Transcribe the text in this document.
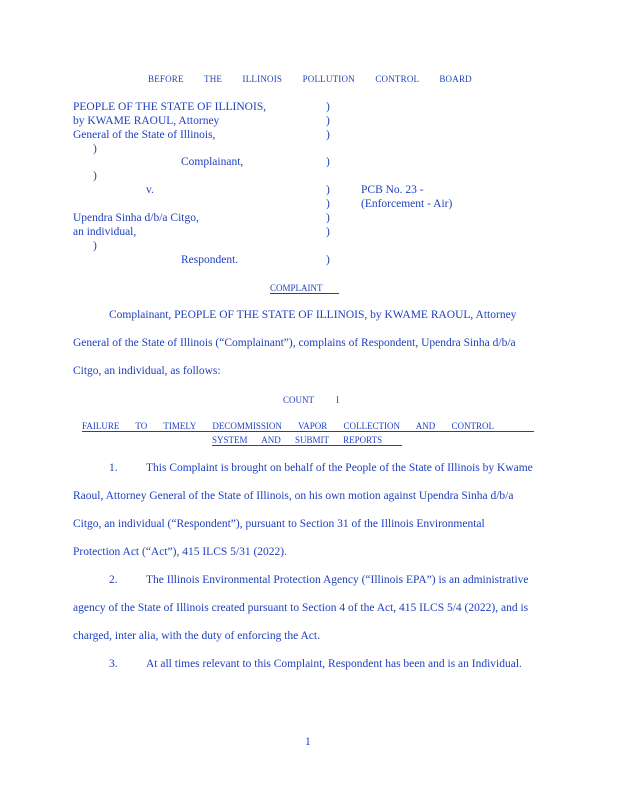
BEFORE THE ILLINOIS POLLUTION CONTROL BOARD
PEOPLE OF THE STATE OF ILLINOIS,
by KWAME RAOUL, Attorney
General of the State of Illinois,
)
Complainant,
)
v.
Upendra Sinha d/b/a Citgo,
an individual,
)
Respondent.
)
)
)
)
)
)
)
)
)
PCB No. 23 -
(Enforcement - Air)
COMPLAINT
Complainant, PEOPLE OF THE STATE OF ILLINOIS, by KWAME RAOUL, Attorney
General of the State of Illinois (“Complainant”), complains of Respondent, Upendra Sinha d/b/a
Citgo, an individual, as follows:
COUNT I
FAILURE TO TIMELY DECOMMISSION VAPOR COLLECTION AND CONTROL
SYSTEM AND SUBMIT REPORTS
1. This Complaint is brought on behalf of the People of the State of Illinois by Kwame
Raoul, Attorney General of the State of Illinois, on his own motion against Upendra Sinha d/b/a
Citgo, an individual (“Respondent”), pursuant to Section 31 of the Illinois Environmental
Protection Act (“Act”), 415 ILCS 5/31 (2022).
2. The Illinois Environmental Protection Agency (“Illinois EPA”) is an administrative
agency of the State of Illinois created pursuant to Section 4 of the Act, 415 ILCS 5/4 (2022), and is
charged, inter alia, with the duty of enforcing the Act.
3. At all times relevant to this Complaint, Respondent has been and is an Individual.
1
